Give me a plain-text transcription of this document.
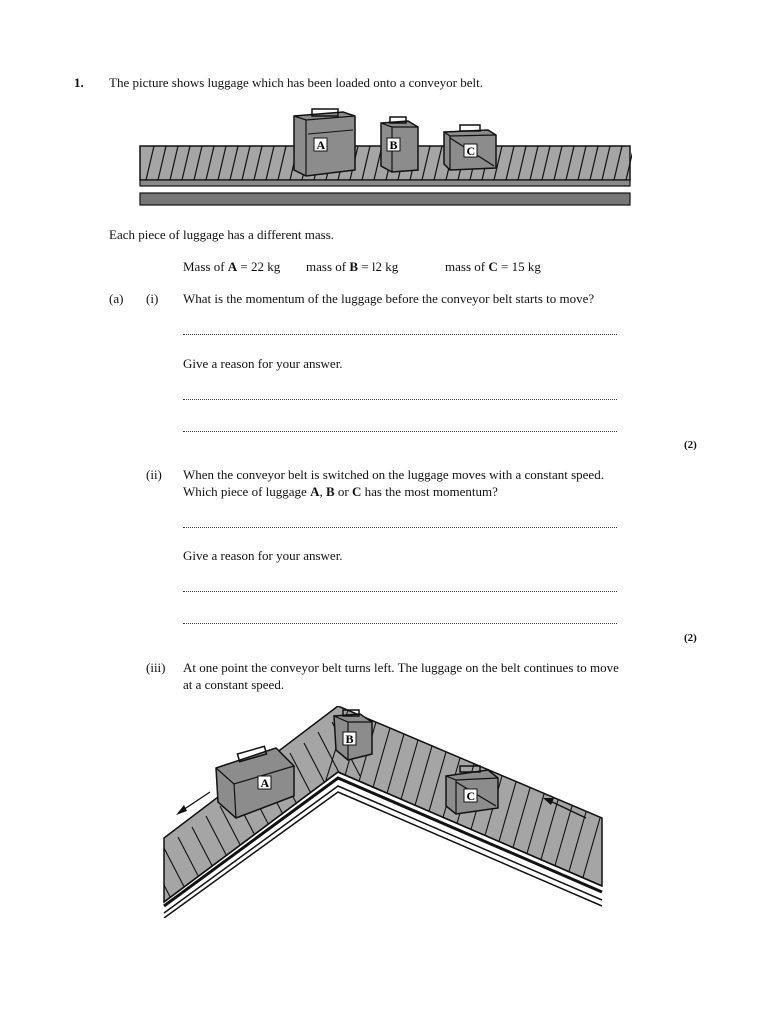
1. The picture shows luggage which has been loaded onto a conveyor belt.
A	B	C
Each piece of luggage has a different mass.
Mass of A = 22 kg mass of B = l2 kg	mass of C = 15 kg
(a) (i) What is the momentum of the luggage before the conveyor belt starts to move?
Give a reason for your answer.
(2)
(ii) When the conveyor belt is switched on the luggage moves with a constant speed.
Which piece of luggage A, B or C has the most momentum?
Give a reason for your answer.
(2)
(iii) At one point the conveyor belt turns left. The luggage on the belt continues to move
at a constant speed.
A
B
C
